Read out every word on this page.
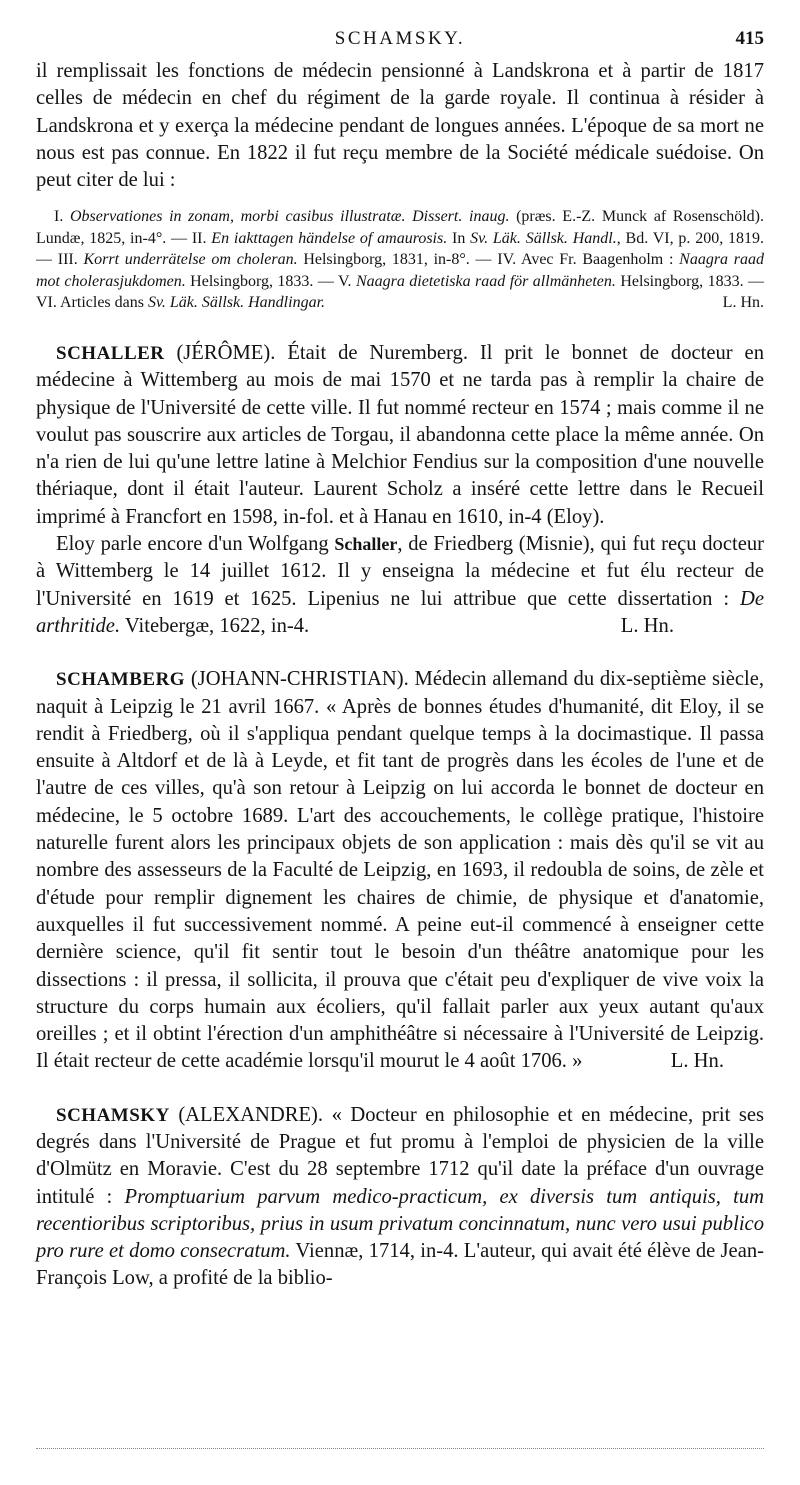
SCHAMSKY.	415

il remplissait les fonctions de médecin pensionné à Landskrona et à partir de 1817 celles de médecin en chef du régiment de la garde royale. Il continua à résider à Landskrona et y exerça la médecine pendant de longues années. L'époque de sa mort ne nous est pas connue. En 1822 il fut reçu membre de la Société médicale suédoise. On peut citer de lui :

I. Observationes in zonam, morbi casibus illustratæ. Dissert. inaug. (præs. E.-Z. Munck af Rosenschöld). Lundæ, 1825, in-4°. — II. En iakttagen händelse of amaurosis. In Sv. Läk. Sällsk. Handl., Bd. VI, p. 200, 1819. — III. Korrt underrätelse om choleran. Helsingborg, 1831, in-8°. — IV. Avec Fr. Baagenholm : Naagra raad mot cholerasjukdomen. Helsingborg, 1833. — V. Naagra dietetiska raad för allmänheten. Helsingborg, 1833. — VI. Articles dans Sv. Läk. Sällsk. Handlingar.	L. Hn.

SCHALLER (JÉRÔME). Était de Nuremberg. Il prit le bonnet de docteur en médecine à Wittemberg au mois de mai 1570 et ne tarda pas à remplir la chaire de physique de l'Université de cette ville. Il fut nommé recteur en 1574 ; mais comme il ne voulut pas souscrire aux articles de Torgau, il abandonna cette place la même année. On n'a rien de lui qu'une lettre latine à Melchior Fendius sur la composition d'une nouvelle thériaque, dont il était l'auteur. Laurent Scholz a inséré cette lettre dans le Recueil imprimé à Francfort en 1598, in-fol. et à Hanau en 1610, in-4 (Eloy).

Eloy parle encore d'un Wolfgang Schaller, de Friedberg (Misnie), qui fut reçu docteur à Wittemberg le 14 juillet 1612. Il y enseigna la médecine et fut élu recteur de l'Université en 1619 et 1625. Lipenius ne lui attribue que cette dissertation : De arthritide. Vitebergæ, 1622, in-4.	L. Hn.

SCHAMBERG (JOHANN-CHRISTIAN). Médecin allemand du dix-septième siècle, naquit à Leipzig le 21 avril 1667. « Après de bonnes études d'humanité, dit Eloy, il se rendit à Friedberg, où il s'appliqua pendant quelque temps à la docimastique. Il passa ensuite à Altdorf et de là à Leyde, et fit tant de progrès dans les écoles de l'une et de l'autre de ces villes, qu'à son retour à Leipzig on lui accorda le bonnet de docteur en médecine, le 5 octobre 1689. L'art des accouchements, le collège pratique, l'histoire naturelle furent alors les principaux objets de son application : mais dès qu'il se vit au nombre des assesseurs de la Faculté de Leipzig, en 1693, il redoubla de soins, de zèle et d'étude pour remplir dignement les chaires de chimie, de physique et d'anatomie, auxquelles il fut successivement nommé. A peine eut-il commencé à enseigner cette dernière science, qu'il fit sentir tout le besoin d'un théâtre anatomique pour les dissections : il pressa, il sollicita, il prouva que c'était peu d'expliquer de vive voix la structure du corps humain aux écoliers, qu'il fallait parler aux yeux autant qu'aux oreilles ; et il obtint l'érection d'un amphithéâtre si nécessaire à l'Université de Leipzig. Il était recteur de cette académie lorsqu'il mourut le 4 août 1706. »	L. Hn.

SCHAMSKY (ALEXANDRE). « Docteur en philosophie et en médecine, prit ses degrés dans l'Université de Prague et fut promu à l'emploi de physicien de la ville d'Olmütz en Moravie. C'est du 28 septembre 1712 qu'il date la préface d'un ouvrage intitulé : Promptuarium parvum medico-practicum, ex diversis tum antiquis, tum recentioribus scriptoribus, prius in usum privatum concinnatum, nunc vero usui publico pro rure et domo consecratum. Viennæ, 1714, in-4. L'auteur, qui avait été élève de Jean-François Low, a profité de la biblio-
